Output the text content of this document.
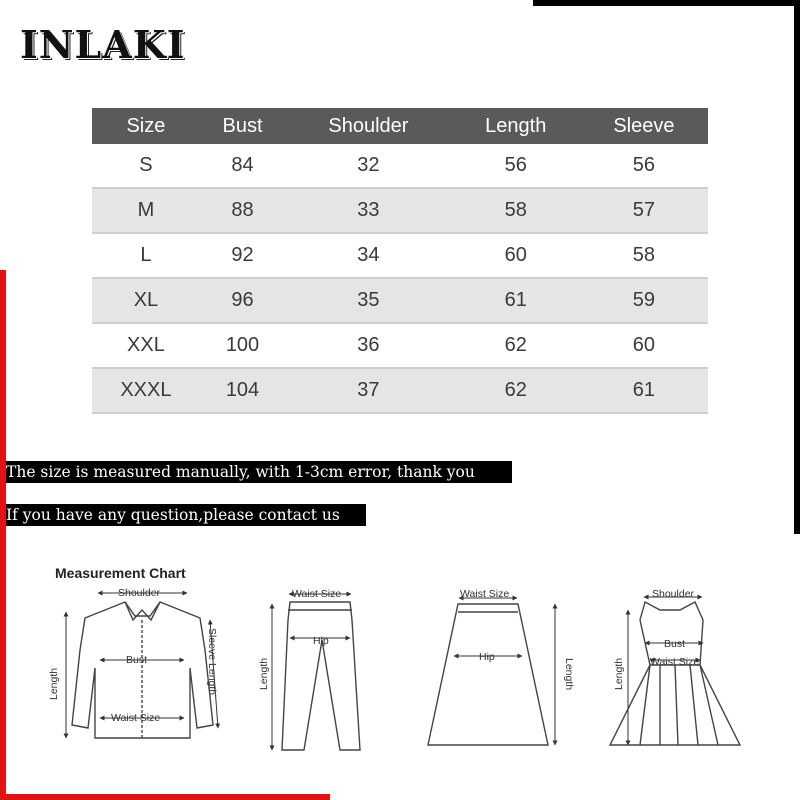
INLAKI
Size	Bust	Shoulder	Length	Sleeve
S	84	32	56	56
M	88	33	58	57
L	92	34	60	58
XL	96	35	61	59
XXL	100	36	62	60
XXXL	104	37	62	61
The size is measured manually, with 1-3cm error, thank you
If you have any question,please contact us
Measurement Chart
Shoulder
Bust
Waist Size
Length	Sleeve Length
Waist Size
Hip
Length
Waist Size
Hip
Length
Shoulder
Bust
Waist Size
Length
